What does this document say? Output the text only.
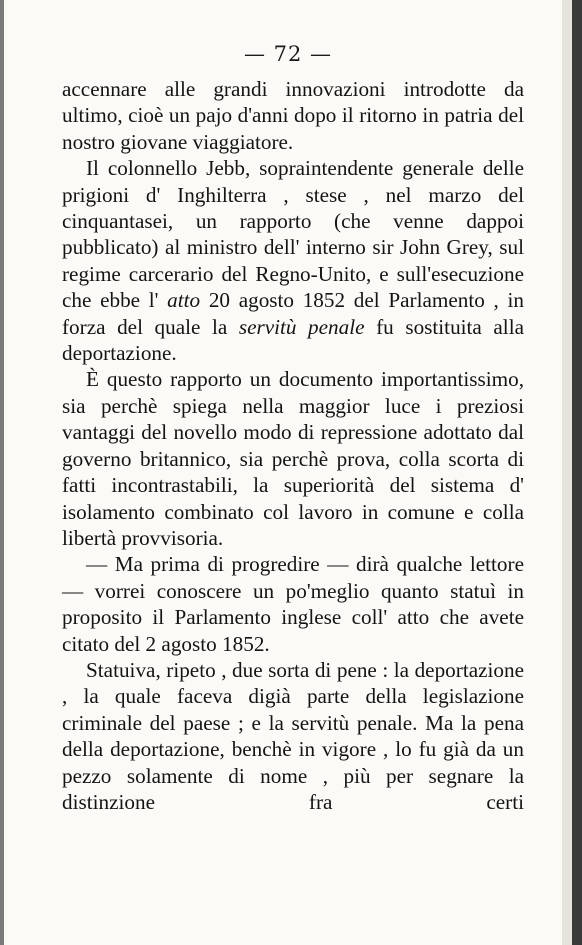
— 72 —

accennare alle grandi innovazioni introdotte da ultimo, cioè un pajo d'anni dopo il ritorno in patria del nostro giovane viaggiatore.

Il colonnello Jebb, sopraintendente generale delle prigioni d' Inghilterra , stese , nel marzo del cinquantasei, un rapporto (che venne dappoi pubblicato) al ministro dell' interno sir John Grey, sul regime carcerario del Regno-Unito, e sull'esecuzione che ebbe l' atto 20 agosto 1852 del Parlamento , in forza del quale la servitù penale fu sostituita alla deportazione.

È questo rapporto un documento importantissimo, sia perchè spiega nella maggior luce i preziosi vantaggi del novello modo di repressione adottato dal governo britannico, sia perchè prova, colla scorta di fatti incontrastabili, la superiorità del sistema d' isolamento combinato col lavoro in comune e colla libertà provvisoria.

— Ma prima di progredire — dirà qualche lettore — vorrei conoscere un po'meglio quanto statuì in proposito il Parlamento inglese coll' atto che avete citato del 2 agosto 1852.

Statuiva, ripeto , due sorta di pene : la deportazione , la quale faceva digià parte della legislazione criminale del paese ; e la servitù penale. Ma la pena della deportazione, benchè in vigore , lo fu già da un pezzo solamente di nome , più per segnare la distinzione fra certi
